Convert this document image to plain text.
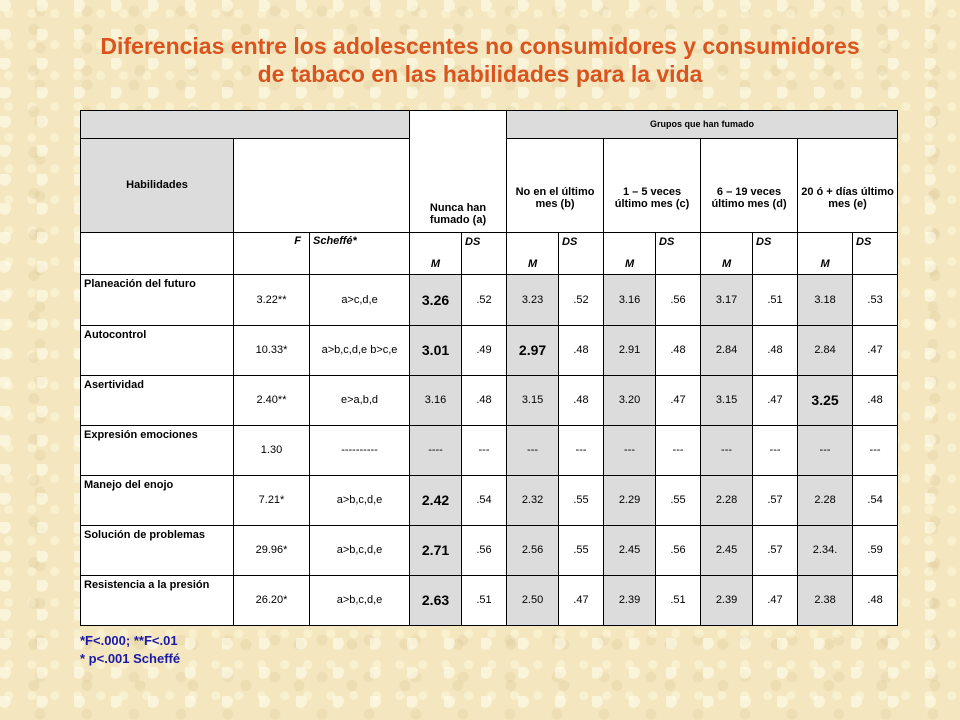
Diferencias entre los adolescentes no consumidores y consumidores
de tabaco en las habilidades para la vida
			Nunca han fumado (a)		Grupos que han fumado							
Habilidades					No en el último mes (b)		1 – 5 veces último mes (c)		6 – 19 veces último mes (d)		20 ó + días último mes (e)	
	F	Scheffé*	M	DS	M	DS	M	DS	M	DS	M	DS
Planeación del futuro	3.22**	a>c,d,e	3.26	.52	3.23	.52	3.16	.56	3.17	.51	3.18	.53
Autocontrol	10.33*	a>b,c,d,e b>c,e	3.01	.49	2.97	.48	2.91	.48	2.84	.48	2.84	.47
Asertividad	2.40**	e>a,b,d	3.16	.48	3.15	.48	3.20	.47	3.15	.47	3.25	.48
Expresión emociones	1.30	----------	----	---	---	---	---	---	---	---	---	---
Manejo del enojo	7.21*	a>b,c,d,e	2.42	.54	2.32	.55	2.29	.55	2.28	.57	2.28	.54
Solución de problemas	29.96*	a>b,c,d,e	2.71	.56	2.56	.55	2.45	.56	2.45	.57	2.34.	.59
Resistencia a la presión	26.20*	a>b,c,d,e	2.63	.51	2.50	.47	2.39	.51	2.39	.47	2.38	.48
*F<.000; **F<.01
* p<.001 Scheffé
